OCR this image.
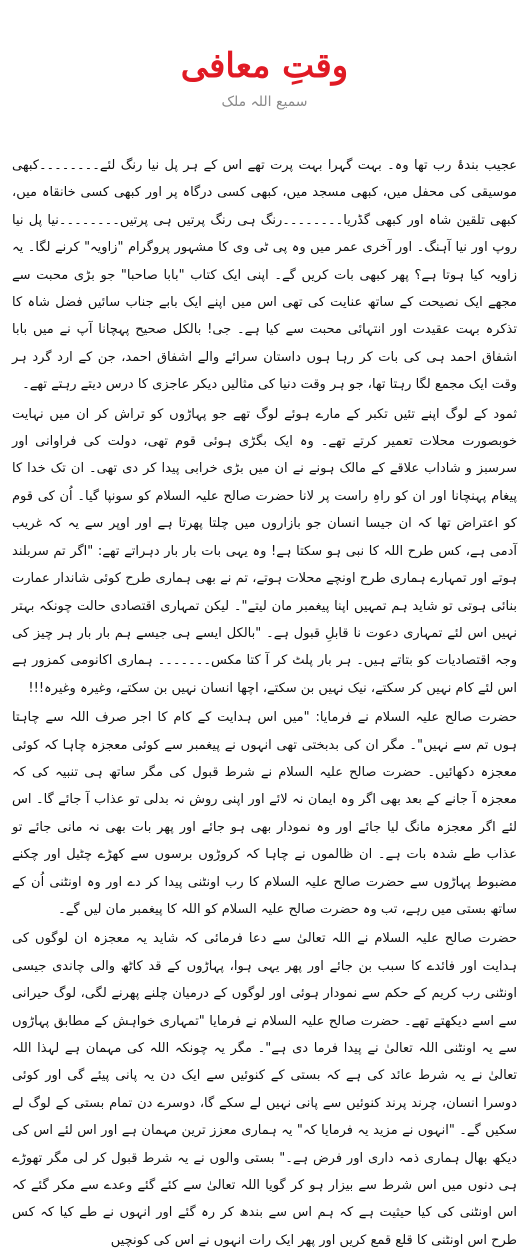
وقتِ معافی
سمیع اللہ ملک

عجیب بندۂ رب تھا وہ۔ بہت گہرا بہت پرت تھے اس کے ہر پل نیا رنگ لئے۔۔۔۔۔۔۔۔کبھی موسیقی کی محفل میں، کبھی مسجد میں، کبھی کسی درگاہ پر اور کبھی کسی خانقاہ میں، کبھی تلقین شاہ اور کبھی گڈریا۔۔۔۔۔۔۔۔رنگ ہی رنگ پرتیں ہی پرتیں۔۔۔۔۔۔۔۔نیا پل نیا روپ اور نیا آہنگ۔ اور آخری عمر میں وہ پی ٹی وی کا مشہور پروگرام "زاویہ" کرنے لگا۔ یہ زاویہ کیا ہوتا ہے؟ پھر کبھی بات کریں گے۔ اپنی ایک کتاب "بابا صاحبا" جو بڑی محبت سے مجھے ایک نصیحت کے ساتھ عنایت کی تھی اس میں اپنے ایک بابے جناب سائیں فضل شاہ کا تذکرہ بہت عقیدت اور انتہائی محبت سے کیا ہے۔ جی! بالکل صحیح پہچانا آپ نے میں بابا اشفاق احمد ہی کی بات کر رہا ہوں داستان سرائے والے اشفاق احمد، جن کے ارد گرد ہر وقت ایک مجمع لگا رہتا تھا، جو ہر وقت دنیا کی مثالیں دیکر عاجزی کا درس دیتے رہتے تھے۔

ثمود کے لوگ اپنے تئیں تکبر کے مارے ہوئے لوگ تھے جو پہاڑوں کو تراش کر ان میں نہایت خوبصورت محلات تعمیر کرتے تھے۔ وہ ایک بگڑی ہوئی قوم تھی، دولت کی فراوانی اور سرسبز و شاداب علاقے کے مالک ہونے نے ان میں بڑی خرابی پیدا کر دی تھی۔ ان تک خدا کا پیغام پہنچانا اور ان کو راہِ راست پر لانا حضرت صالح علیہ السلام کو سونپا گیا۔ اُن کی قوم کو اعتراض تھا کہ ان جیسا انسان جو بازاروں میں چلتا پھرتا ہے اور اوپر سے یہ کہ غریب آدمی ہے، کس طرح اللہ کا نبی ہو سکتا ہے! وہ یہی بات بار بار دہراتے تھے: "اگر تم سربلند ہوتے اور تمہارے ہماری طرح اونچے محلات ہوتے، تم نے بھی ہماری طرح کوئی شاندار عمارت بنائی ہوتی تو شاید ہم تمہیں اپنا پیغمبر مان لیتے"۔ لیکن تمہاری اقتصادی حالت چونکہ بہتر نہیں اس لئے تمہاری دعوت نا قابلِ قبول ہے۔ "بالکل ایسے ہی جیسے ہم بار بار ہر چیز کی وجہ اقتصادیات کو بتاتے ہیں۔ ہر بار پلٹ کر آ کتا مکس۔۔۔۔۔۔۔ ہماری اکانومی کمزور ہے اس لئے کام نہیں کر سکتے، نیک نہیں بن سکتے، اچھا انسان نہیں بن سکتے، وغیرہ وغیرہ!!!

حضرت صالح علیہ السلام نے فرمایا: "میں اس ہدایت کے کام کا اجر صرف اللہ سے چاہتا ہوں تم سے نہیں"۔ مگر ان کی بدبختی تھی انہوں نے پیغمبر سے کوئی معجزہ چاہا کہ کوئی معجزہ دکھائیں۔ حضرت صالح علیہ السلام نے شرط قبول کی مگر ساتھ ہی تنبیہ کی کہ معجزہ آ جانے کے بعد بھی اگر وہ ایمان نہ لائے اور اپنی روش نہ بدلی تو عذاب آ جائے گا۔ اس لئے اگر معجزہ مانگ لیا جائے اور وہ نمودار بھی ہو جائے اور پھر بات بھی نہ مانی جائے تو عذاب طے شدہ بات ہے۔ ان ظالموں نے چاہا کہ کروڑوں برسوں سے کھڑے چٹیل اور چکنے مضبوط پہاڑوں سے حضرت صالح علیہ السلام کا رب اونٹنی پیدا کر دے اور وہ اونٹنی اُن کے ساتھ بستی میں رہے، تب وہ حضرت صالح علیہ السلام کو اللہ کا پیغمبر مان لیں گے۔

حضرت صالح علیہ السلام نے اللہ تعالیٰ سے دعا فرمائی کہ شاید یہ معجزہ ان لوگوں کی ہدایت اور فائدے کا سبب بن جائے اور پھر یہی ہوا، پہاڑوں کے قد کاٹھ والی چاندی جیسی اونٹنی رب کریم کے حکم سے نمودار ہوئی اور لوگوں کے درمیان چلنے پھرنے لگی، لوگ حیرانی سے اسے دیکھتے تھے۔ حضرت صالح علیہ السلام نے فرمایا "تمہاری خواہش کے مطابق پہاڑوں سے یہ اونٹنی اللہ تعالیٰ نے پیدا فرما دی ہے"۔ مگر یہ چونکہ اللہ کی مہمان ہے لہذا اللہ تعالیٰ نے یہ شرط عائد کی ہے کہ بستی کے کنوئیں سے ایک دن یہ پانی پیئے گی اور کوئی دوسرا انسان، چرند پرند کنوئیں سے پانی نہیں لے سکے گا، دوسرے دن تمام بستی کے لوگ لے سکیں گے۔ "انہوں نے مزید یہ فرمایا کہ" یہ ہماری معزز ترین مہمان ہے اور اس لئے اس کی دیکھ بھال ہماری ذمہ داری اور فرض ہے۔" بستی والوں نے یہ شرط قبول کر لی مگر تھوڑے ہی دنوں میں اس شرط سے بیزار ہو کر گویا اللہ تعالیٰ سے کئے گئے وعدے سے مکر گئے کہ اس اونٹنی کی کیا حیثیت ہے کہ ہم اس سے بندھ کر رہ گئے اور انہوں نے طے کیا کہ کس طرح اس اونٹنی کا قلع قمع کریں اور پھر ایک رات انہوں نے اس کی کونچیں
